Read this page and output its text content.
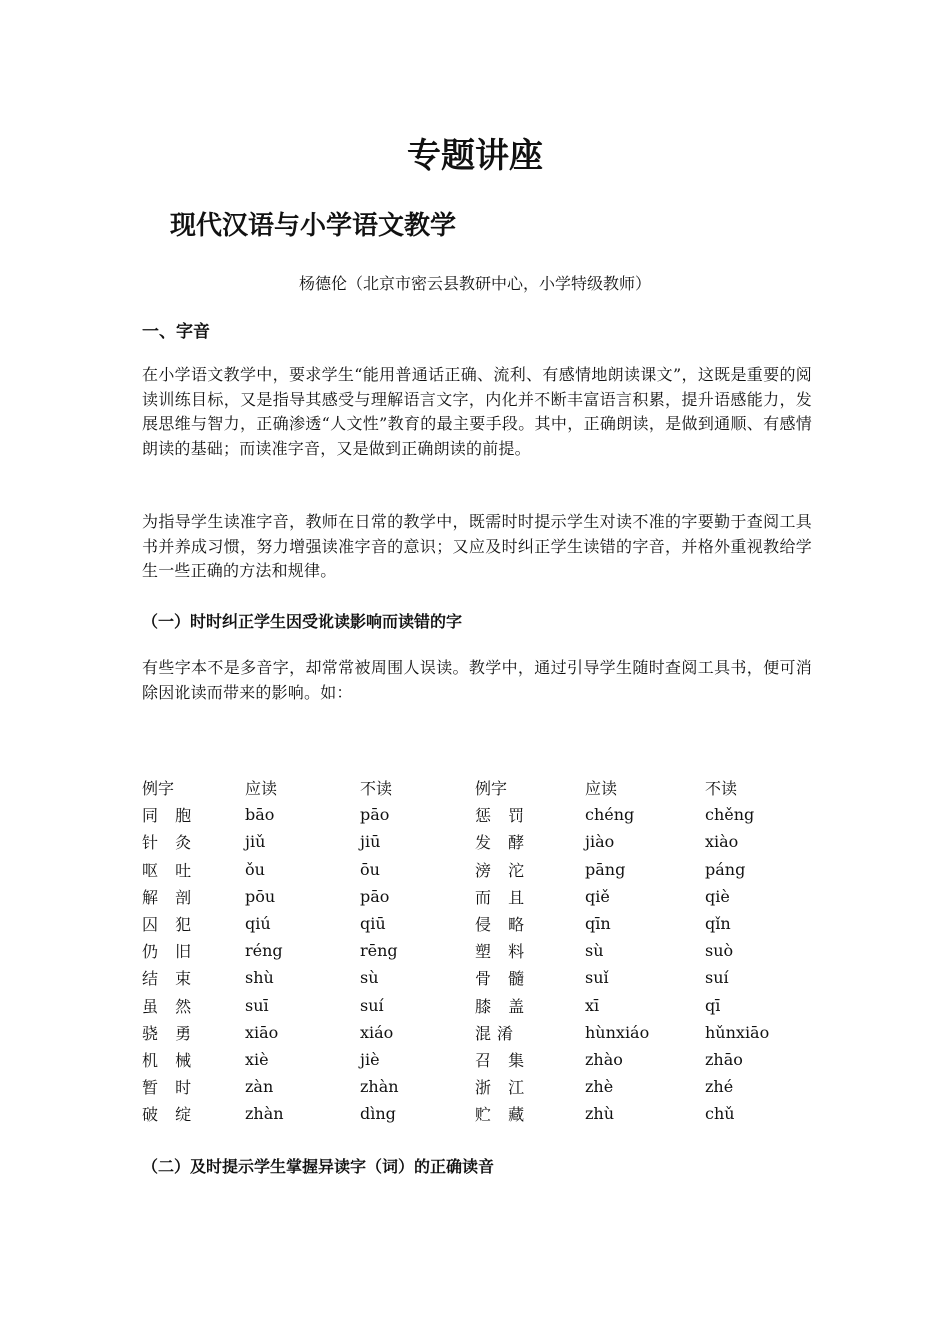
专题讲座
现代汉语与小学语文教学

杨德伦（北京市密云县教研中心，小学特级教师）

一、字音

在小学语文教学中，要求学生“能用普通话正确、流利、有感情地朗读课文”，这既是重要的阅读训练目标，又是指导其感受与理解语言文字，内化并不断丰富语言积累，提升语感能力，发展思维与智力，正确渗透“人文性”教育的最主要手段。其中，正确朗读，是做到通顺、有感情朗读的基础；而读准字音，又是做到正确朗读的前提。

为指导学生读准字音，教师在日常的教学中，既需时时提示学生对读不准的字要勤于查阅工具书并养成习惯，努力增强读准字音的意识；又应及时纠正学生读错的字音，并格外重视教给学生一些正确的方法和规律。

（一）时时纠正学生因受讹读影响而读错的字

有些字本不是多音字，却常常被周围人误读。教学中，通过引导学生随时查阅工具书，便可消除因讹读而带来的影响。如：

例字	应读	不读	例字	应读	不读
同 胞	bāo	pāo	惩 罚	chéng	chěng
针 灸	jiǔ	jiū	发 酵	jiào	xiào
呕 吐	ǒu	ōu	滂 沱	pāng	páng
解 剖	pōu	pāo	而 且	qiě	qiè
囚 犯	qiú	qiū	侵 略	qīn	qǐn
仍 旧	réng	rēng	塑 料	sù	suò
结 束	shù	sù	骨 髓	suǐ	suí
虽 然	suī	suí	膝 盖	xī	qī
骁 勇	xiāo	xiáo	混淆	hùnxiáo	hǔnxiāo
机 械	xiè	jiè	召 集	zhào	zhāo
暂 时	zàn	zhàn	浙 江	zhè	zhé
破 绽	zhàn	dìng	贮 藏	zhù	chǔ
（二）及时提示学生掌握异读字（词）的正确读音
